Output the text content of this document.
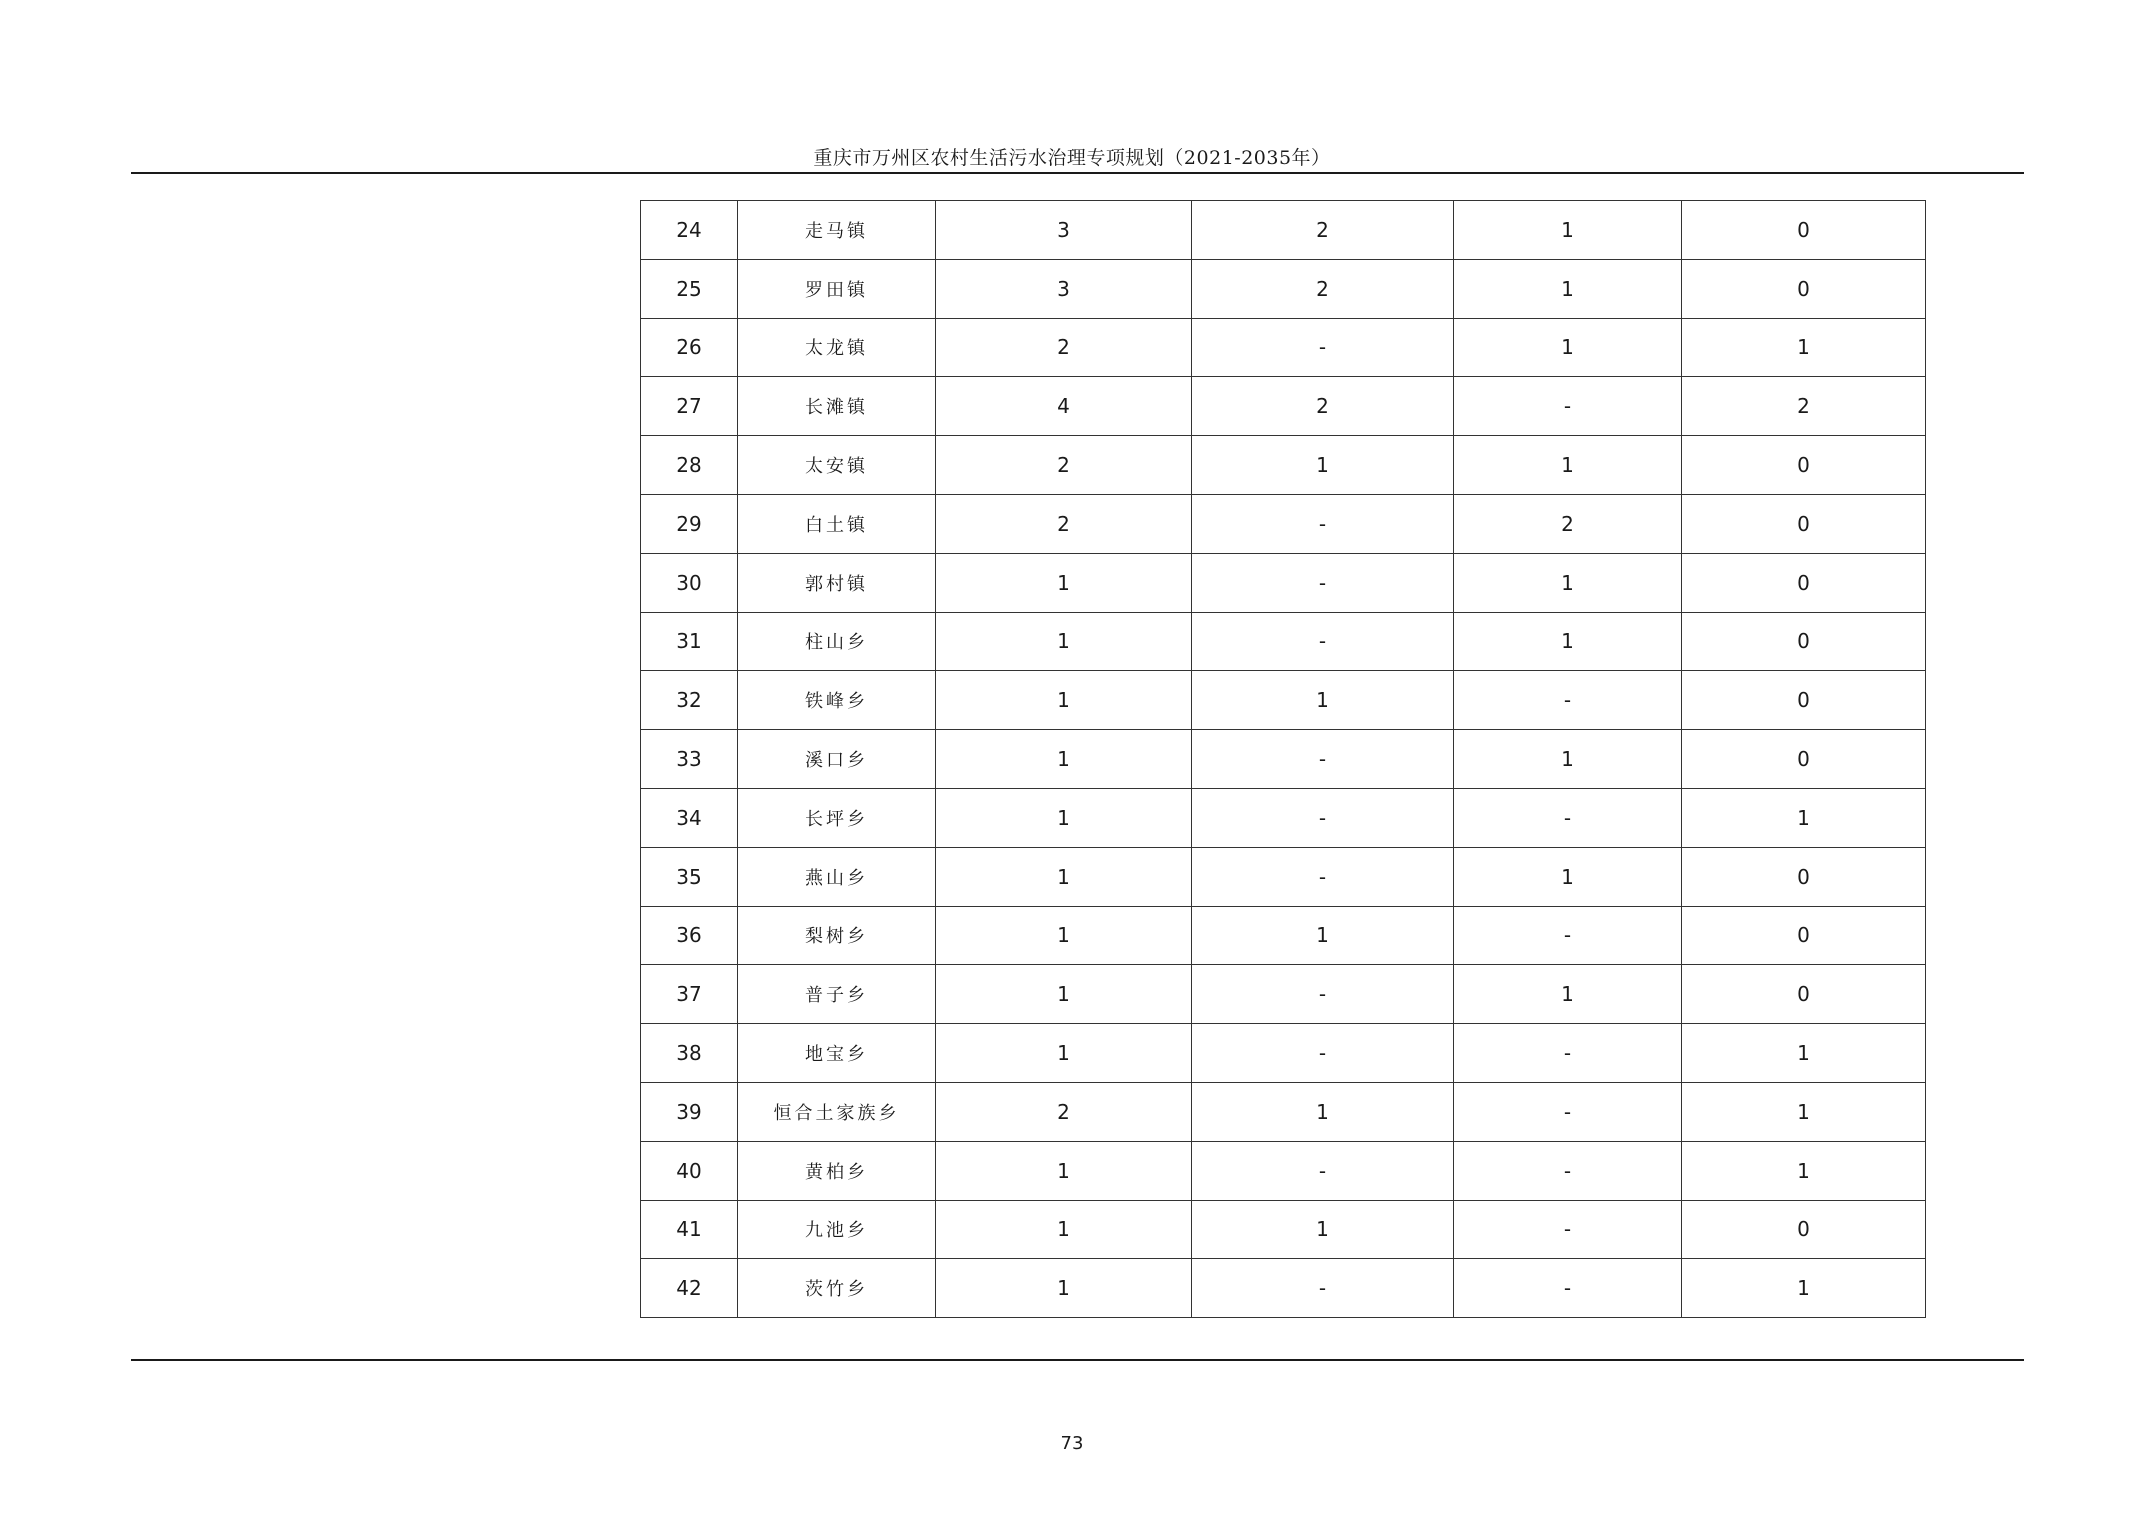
重庆市万州区农村生活污水治理专项规划（2021-2035年）
24	走马镇	3	2	1	0
25	罗田镇	3	2	1	0
26	太龙镇	2	-	1	1
27	长滩镇	4	2	-	2
28	太安镇	2	1	1	0
29	白土镇	2	-	2	0
30	郭村镇	1	-	1	0
31	柱山乡	1	-	1	0
32	铁峰乡	1	1	-	0
33	溪口乡	1	-	1	0
34	长坪乡	1	-	-	1
35	燕山乡	1	-	1	0
36	梨树乡	1	1	-	0
37	普子乡	1	-	1	0
38	地宝乡	1	-	-	1
39	恒合土家族乡	2	1	-	1
40	黄柏乡	1	-	-	1
41	九池乡	1	1	-	0
42	茨竹乡	1	-	-	1
73
